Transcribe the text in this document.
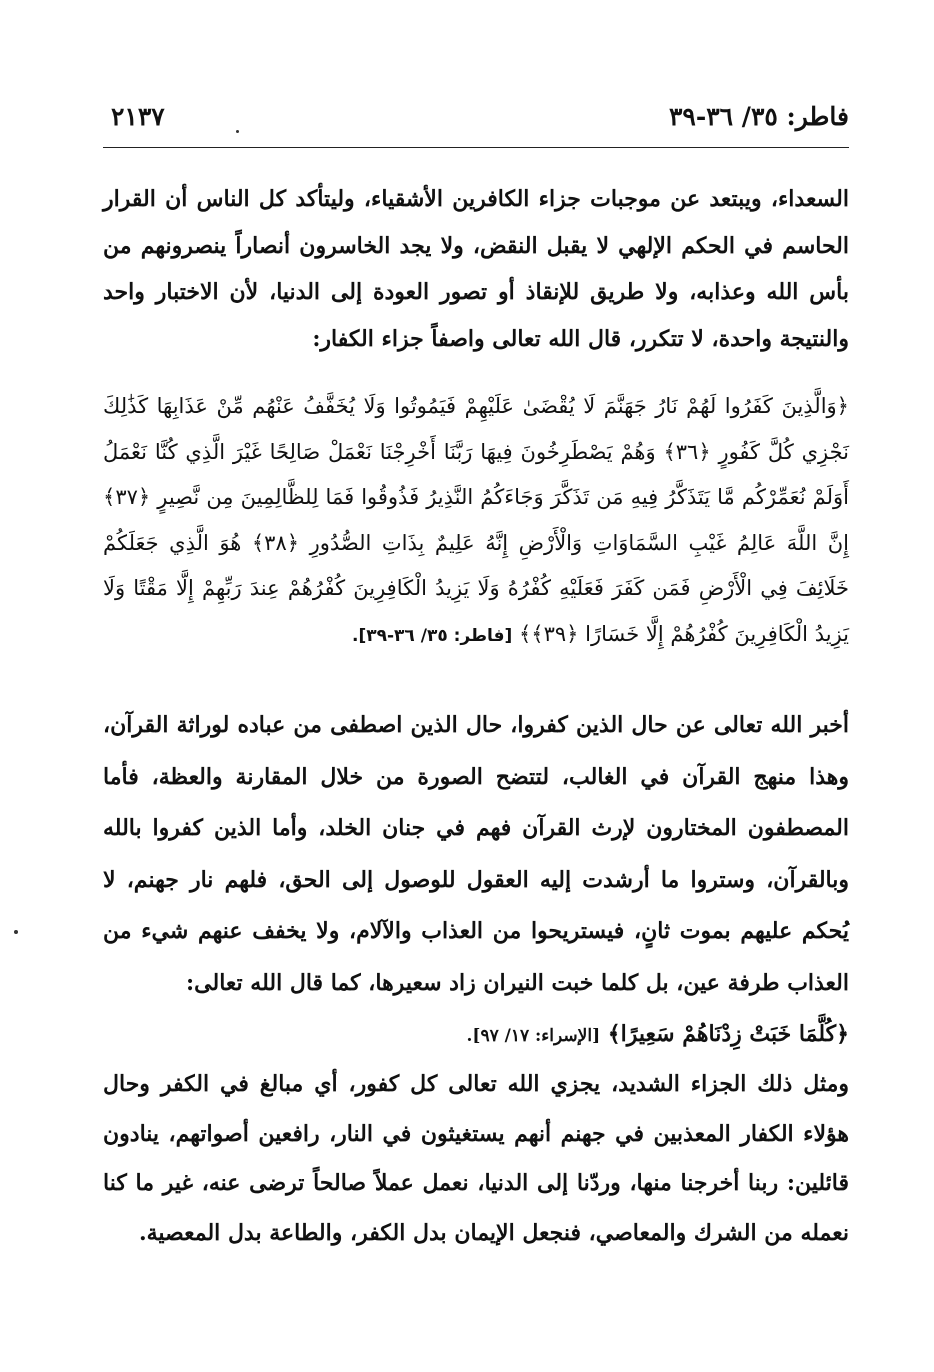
فاطر: ٣٥/ ٣٦-٣٩
٢١٣٧

السعداء، ويبتعد عن موجبات جزاء الكافرين الأشقياء، وليتأكد كل الناس أن القرار الحاسم في الحكم الإلهي لا يقبل النقض، ولا يجد الخاسرون أنصاراً ينصرونهم من بأس الله وعذابه، ولا طريق للإنقاذ أو تصور العودة إلى الدنيا، لأن الاختبار واحد والنتيجة واحدة، لا تتكرر، قال الله تعالى واصفاً جزاء الكفار:

﴿وَالَّذِينَ كَفَرُوا لَهُمْ نَارُ جَهَنَّمَ لَا يُقْضَىٰ عَلَيْهِمْ فَيَمُوتُوا وَلَا يُخَفَّفُ عَنْهُم مِّنْ عَذَابِهَا كَذَٰلِكَ نَجْزِي كُلَّ كَفُورٍ ﴿٣٦﴾ وَهُمْ يَصْطَرِخُونَ فِيهَا رَبَّنَا أَخْرِجْنَا نَعْمَلْ صَالِحًا غَيْرَ الَّذِي كُنَّا نَعْمَلُ أَوَلَمْ نُعَمِّرْكُم مَّا يَتَذَكَّرُ فِيهِ مَن تَذَكَّرَ وَجَاءَكُمُ النَّذِيرُ فَذُوقُوا فَمَا لِلظَّالِمِينَ مِن نَّصِيرٍ ﴿٣٧﴾ إِنَّ اللَّهَ عَالِمُ غَيْبِ السَّمَاوَاتِ وَالْأَرْضِ إِنَّهُ عَلِيمٌ بِذَاتِ الصُّدُورِ ﴿٣٨﴾ هُوَ الَّذِي جَعَلَكُمْ خَلَائِفَ فِي الْأَرْضِ فَمَن كَفَرَ فَعَلَيْهِ كُفْرُهُ وَلَا يَزِيدُ الْكَافِرِينَ كُفْرُهُمْ عِندَ رَبِّهِمْ إِلَّا مَقْتًا وَلَا يَزِيدُ الْكَافِرِينَ كُفْرُهُمْ إِلَّا خَسَارًا ﴿٣٩﴾﴾ [فاطر: ٣٥/ ٣٦-٣٩].

أخبر الله تعالى عن حال الذين كفروا، حال الذين اصطفى من عباده لوراثة القرآن، وهذا منهج القرآن في الغالب، لتتضح الصورة من خلال المقارنة والعظة، فأما المصطفون المختارون لإرث القرآن فهم في جنان الخلد، وأما الذين كفروا بالله وبالقرآن، وستروا ما أرشدت إليه العقول للوصول إلى الحق، فلهم نار جهنم، لا يُحكم عليهم بموت ثانٍ، فيستريحوا من العذاب والآلام، ولا يخفف عنهم شيء من العذاب طرفة عين، بل كلما خبت النيران زاد سعيرها، كما قال الله تعالى:
﴿كُلَّمَا خَبَتْ زِدْنَاهُمْ سَعِيرًا﴾ [الإسراء: ١٧/ ٩٧].

ومثل ذلك الجزاء الشديد، يجزي الله تعالى كل كفور، أي مبالغ في الكفر وحال هؤلاء الكفار المعذبين في جهنم أنهم يستغيثون في النار، رافعين أصواتهم، ينادون قائلين: ربنا أخرجنا منها، وردّنا إلى الدنيا، نعمل عملاً صالحاً ترضى عنه، غير ما كنا نعمله من الشرك والمعاصي، فنجعل الإيمان بدل الكفر، والطاعة بدل المعصية.
